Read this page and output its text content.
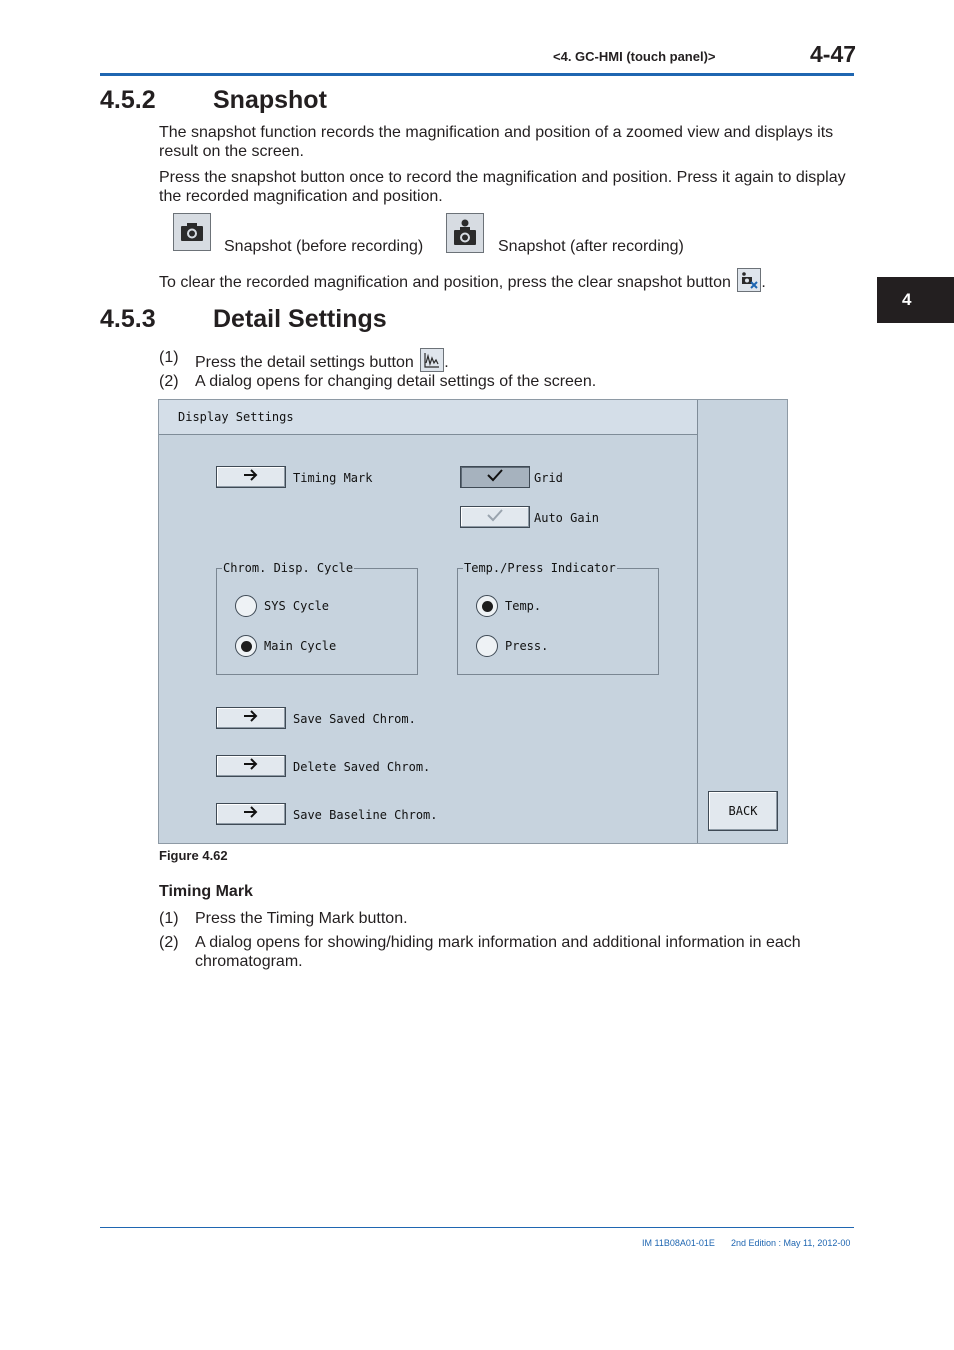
<4. GC-HMI (touch panel)>	4-47
4
4.5.2 Snapshot
The snapshot function records the magnification and position of a zoomed view and displays its result on the screen.
Press the snapshot button once to record the magnification and position. Press it again to display the recorded magnification and position.
Snapshot (before recording)	Snapshot (after recording)
To clear the recorded magnification and position, press the clear snapshot button .
4.5.3 Detail Settings
(1) Press the detail settings button .
(2) A dialog opens for changing detail settings of the screen.
Display Settings
Timing Mark	Grid
Auto Gain
Chrom. Disp. Cycle
SYS Cycle
Main Cycle
Temp./Press Indicator
Temp.
Press.
Save Saved Chrom.
Delete Saved Chrom.
Save Baseline Chrom.	BACK
Figure 4.62
Timing Mark
(1) Press the Timing Mark button.
(2) A dialog opens for showing/hiding mark information and additional information in each chromatogram.
IM 11B08A01-01E 2nd Edition : May 11, 2012-00
